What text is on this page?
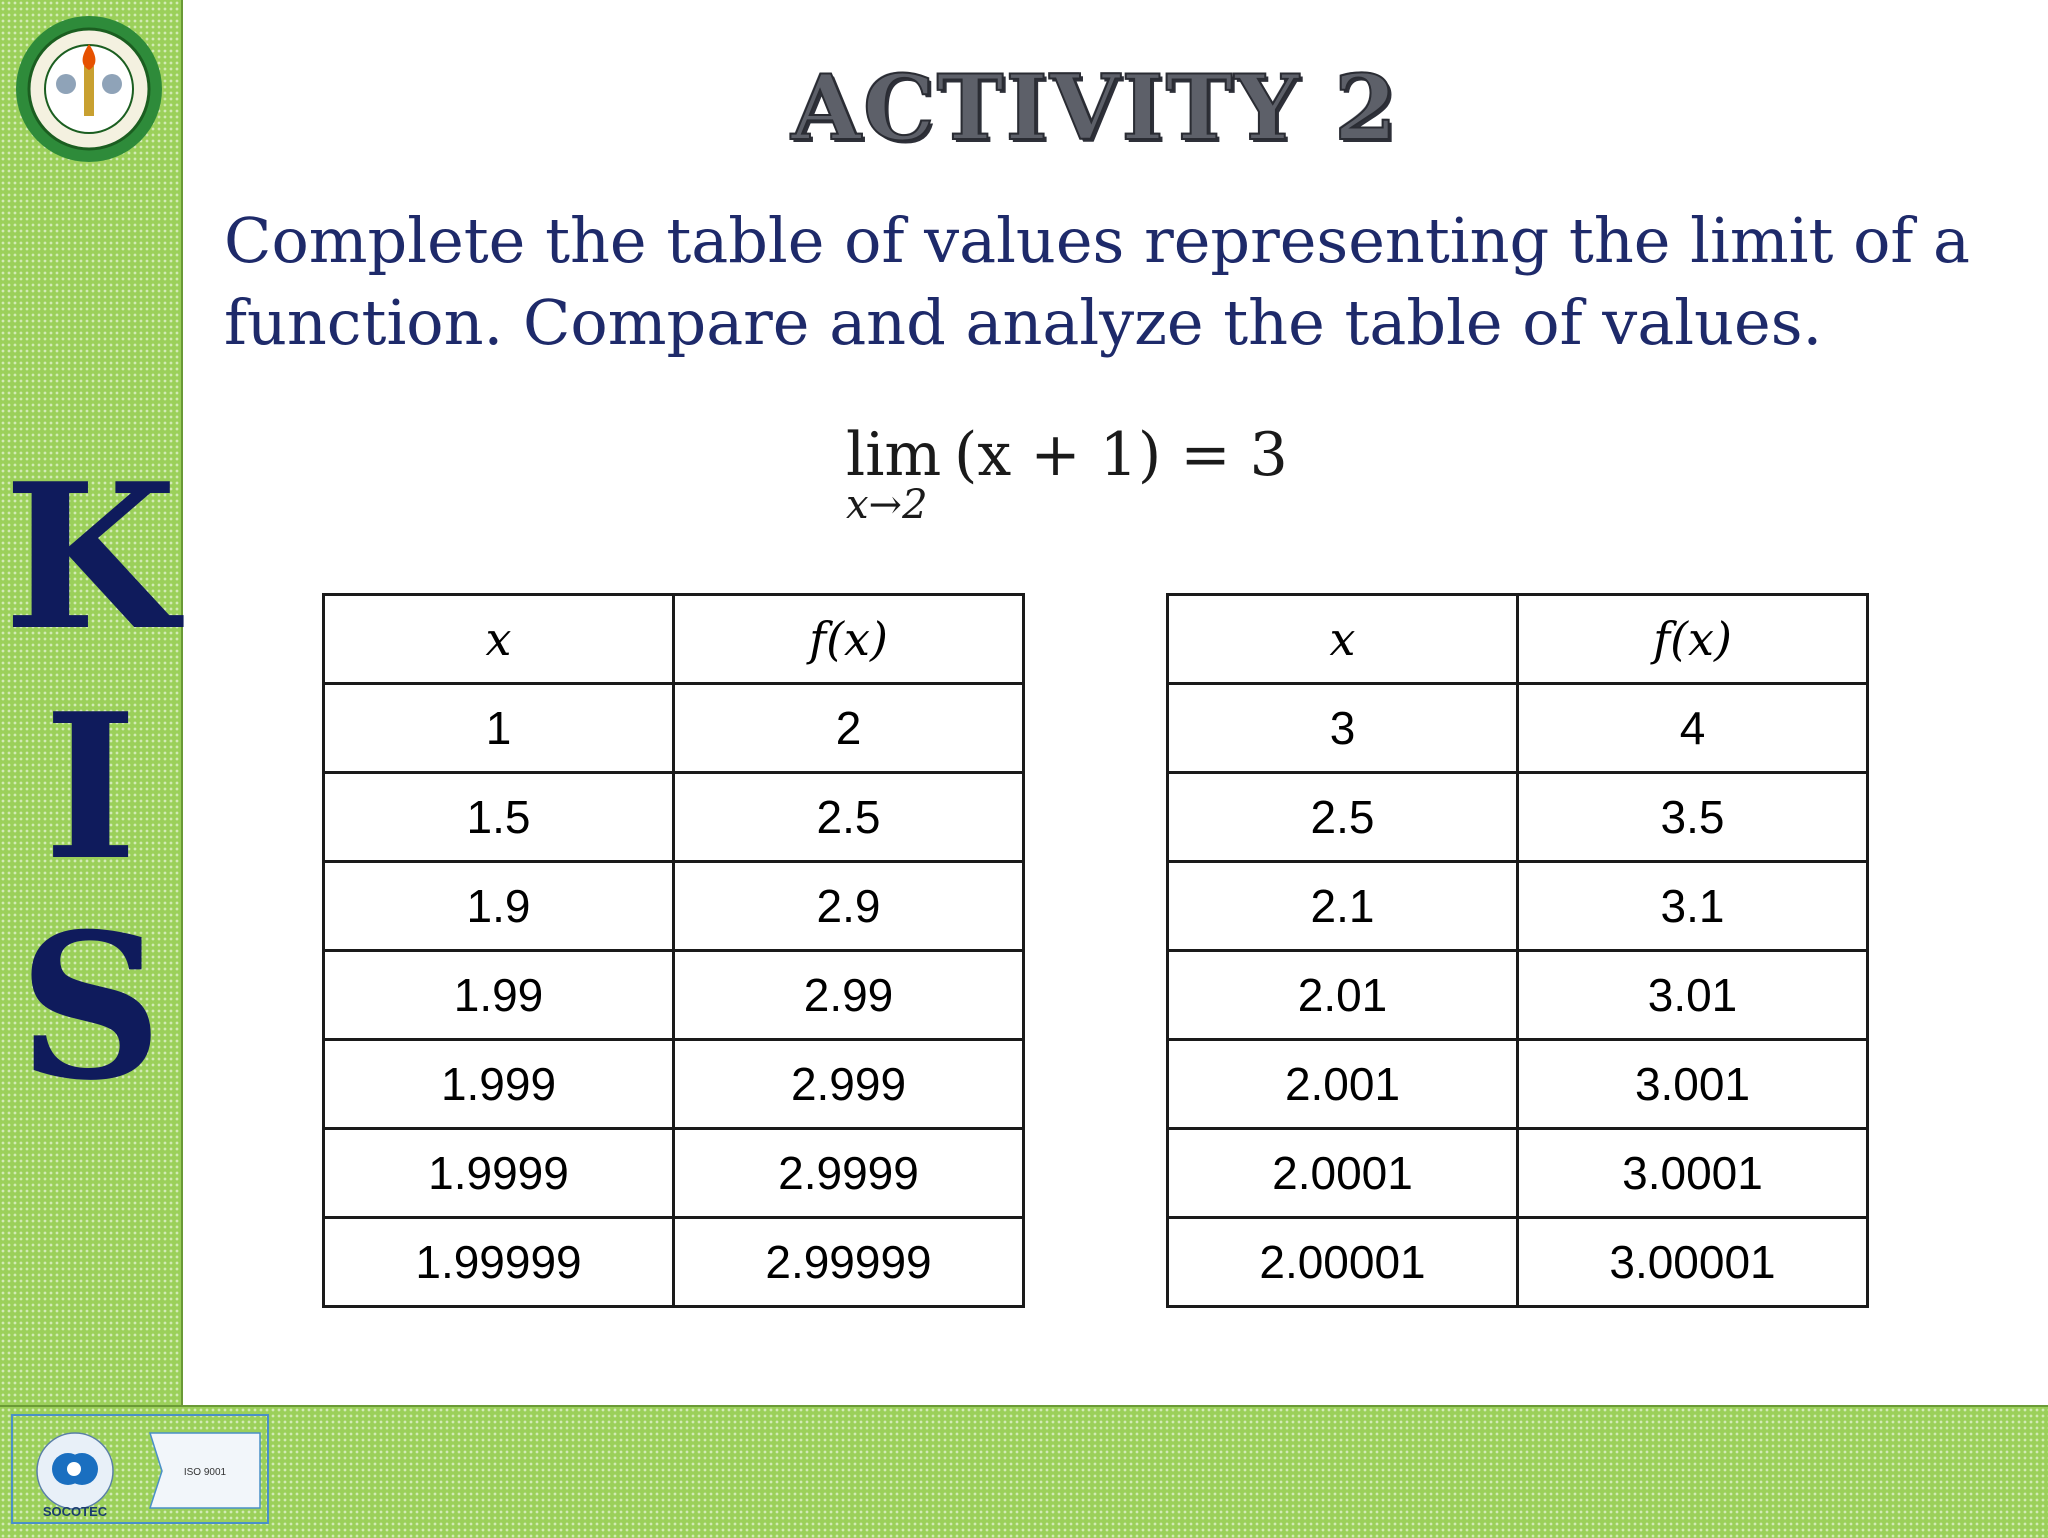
K
I
S
SOCOTEC
ISO 9001
ACTIVITY 2

Complete the table of values representing the limit of a function. Compare and analyze the table of values.

lim
x→2
(x + 1) = 3
x	f(x)
1	2
1.5	2.5
1.9	2.9
1.99	2.99
1.999	2.999
1.9999	2.9999
1.99999	2.99999
x	f(x)
3	4
2.5	3.5
2.1	3.1
2.01	3.01
2.001	3.001
2.0001	3.0001
2.00001	3.00001
